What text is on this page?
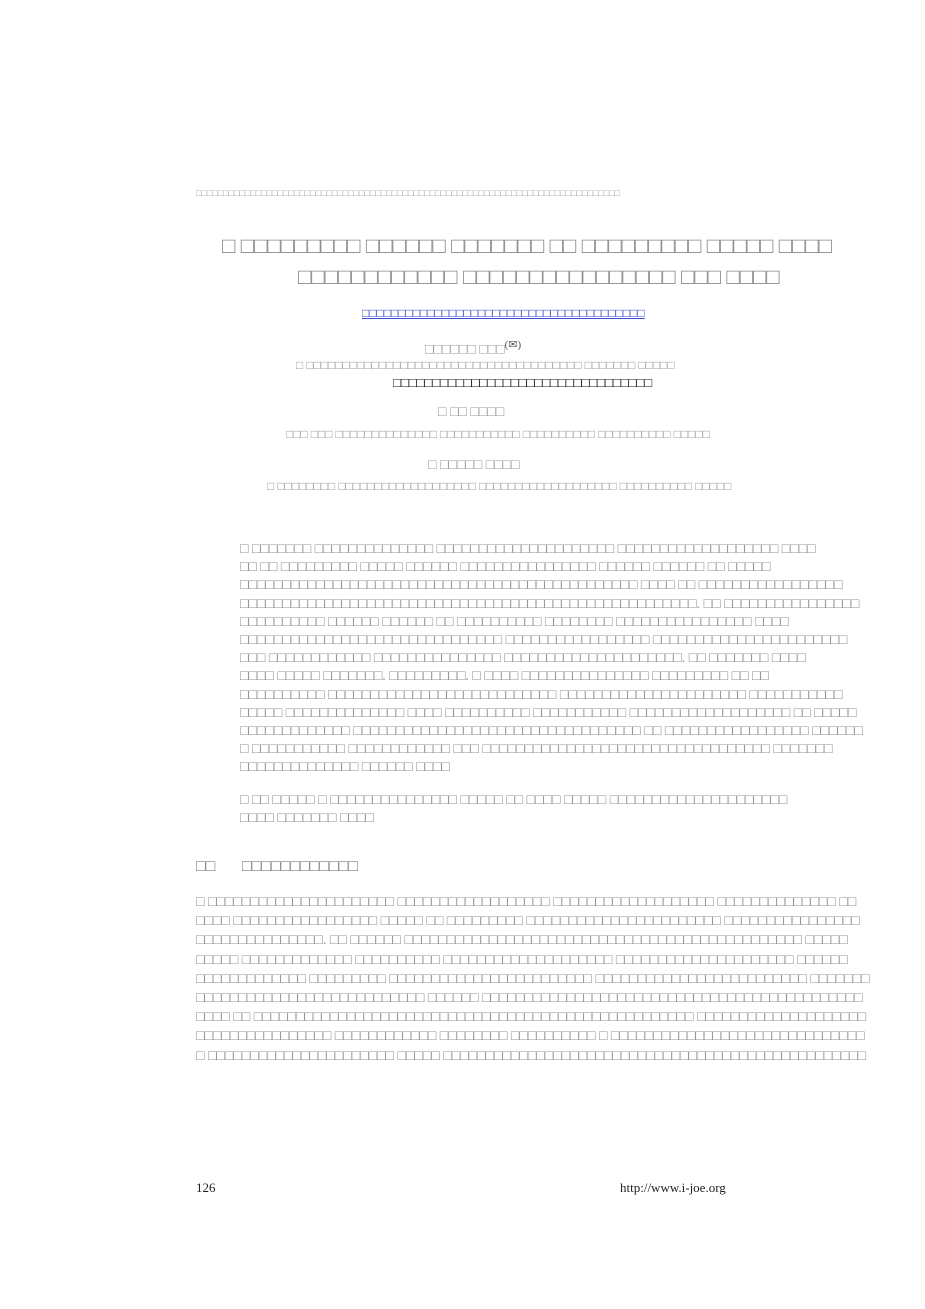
□□□□□□□□□□□□□□□□□□□□□□□□□□□□□□□□□□□□□□□□□□□□□□□□□□□□□□□□□□□□□□□□□□□□□□□□□□□□□□
□ □□□□□□□□□ □□□□□□ □□□□□□□ □□ □□□□□□□□□ □□□□□ □□□□
□□□□□□□□□□□□ □□□□□□□□□□□□□□□□ □□□ □□□□
□□□□□□□□□□□□□□□□□□□□□□□□□□□□□□□□□□□□□□□
□□□□□□ □□□(✉)
□ □□□□□□□□□□□□□□□□□□□□□□□□□□□□□□□□□□□□□□ □□□□□□□ □□□□□
□□□□□□□□□□□□□□□□□□□□□□□□□□□□□□□□□
□ □□ □□□□
□□□ □□□ □□□□□□□□□□□□□□ □□□□□□□□□□□ □□□□□□□□□□ □□□□□□□□□□ □□□□□
□ □□□□□ □□□□
□ □□□□□□□□ □□□□□□□□□□□□□□□□□□□ □□□□□□□□□□□□□□□□□□□ □□□□□□□□□□ □□□□□
□ □□□□□□□ □□□□□□□□□□□□□□ □□□□□□□□□□□□□□□□□□□□□ □□□□□□□□□□□□□□□□□□□ □□□□
□□ □□ □□□□□□□□□ □□□□□ □□□□□□ □□□□□□□□□□□□□□□□ □□□□□□ □□□□□□ □□ □□□□□
□□□□□□□□□□□□□□□□□□□□□□□□□□□□□□□□□□□□□□□□□□□□□□□ □□□□ □□ □□□□□□□□□□□□□□□□□
□□□□□□□□□□□□□□□□□□□□□□□□□□□□□□□□□□□□□□□□□□□□□□□□□□□□□□. □□ □□□□□□□□□□□□□□□□
□□□□□□□□□□ □□□□□□ □□□□□□ □□ □□□□□□□□□□ □□□□□□□□ □□□□□□□□□□□□□□□□ □□□□
□□□□□□□□□□□□□□□□□□□□□□□□□□□□□□□ □□□□□□□□□□□□□□□□□ □□□□□□□□□□□□□□□□□□□□□□□
□□□ □□□□□□□□□□□□ □□□□□□□□□□□□□□□ □□□□□□□□□□□□□□□□□□□□□. □□ □□□□□□□ □□□□
□□□□ □□□□□ □□□□□□□. □□□□□□□□□. □ □□□□ □□□□□□□□□□□□□□□ □□□□□□□□□ □□ □□
□□□□□□□□□□ □□□□□□□□□□□□□□□□□□□□□□□□□□□ □□□□□□□□□□□□□□□□□□□□□□ □□□□□□□□□□□
□□□□□ □□□□□□□□□□□□□□ □□□□ □□□□□□□□□□ □□□□□□□□□□□ □□□□□□□□□□□□□□□□□□□ □□ □□□□□
□□□□□□□□□□□□□ □□□□□□□□□□□□□□□□□□□□□□□□□□□□□□□□□□ □□ □□□□□□□□□□□□□□□□□ □□□□□□
□ □□□□□□□□□□□ □□□□□□□□□□□□ □□□ □□□□□□□□□□□□□□□□□□□□□□□□□□□□□□□□□□ □□□□□□□
□□□□□□□□□□□□□□ □□□□□□ □□□□
□ □□ □□□□□ □ □□□□□□□□□□□□□□□ □□□□□ □□ □□□□ □□□□□ □□□□□□□□□□□□□□□□□□□□□
□□□□ □□□□□□□ □□□□
□□ □□□□□□□□□□□□
□ □□□□□□□□□□□□□□□□□□□□□□ □□□□□□□□□□□□□□□□□□ □□□□□□□□□□□□□□□□□□□ □□□□□□□□□□□□□□ □□
□□□□ □□□□□□□□□□□□□□□□□ □□□□□ □□ □□□□□□□□□ □□□□□□□□□□□□□□□□□□□□□□□ □□□□□□□□□□□□□□□□
□□□□□□□□□□□□□□□. □□ □□□□□□ □□□□□□□□□□□□□□□□□□□□□□□□□□□□□□□□□□□□□□□□□□□□□□□ □□□□□
□□□□□ □□□□□□□□□□□□□ □□□□□□□□□□ □□□□□□□□□□□□□□□□□□□□ □□□□□□□□□□□□□□□□□□□□□ □□□□□□
□□□□□□□□□□□□□ □□□□□□□□□ □□□□□□□□□□□□□□□□□□□□□□□□ □□□□□□□□□□□□□□□□□□□□□□□□□ □□□□□□□
□□□□□□□□□□□□□□□□□□□□□□□□□□□ □□□□□□ □□□□□□□□□□□□□□□□□□□□□□□□□□□□□□□□□□□□□□□□□□□□□
□□□□ □□ □□□□□□□□□□□□□□□□□□□□□□□□□□□□□□□□□□□□□□□□□□□□□□□□□□□□ □□□□□□□□□□□□□□□□□□□□
□□□□□□□□□□□□□□□□ □□□□□□□□□□□□ □□□□□□□□ □□□□□□□□□□ □ □□□□□□□□□□□□□□□□□□□□□□□□□□□□□□
□ □□□□□□□□□□□□□□□□□□□□□□ □□□□□ □□□□□□□□□□□□□□□□□□□□□□□□□□□□□□□□□□□□□□□□□□□□□□□□□□
126	http://www.i-joe.org
